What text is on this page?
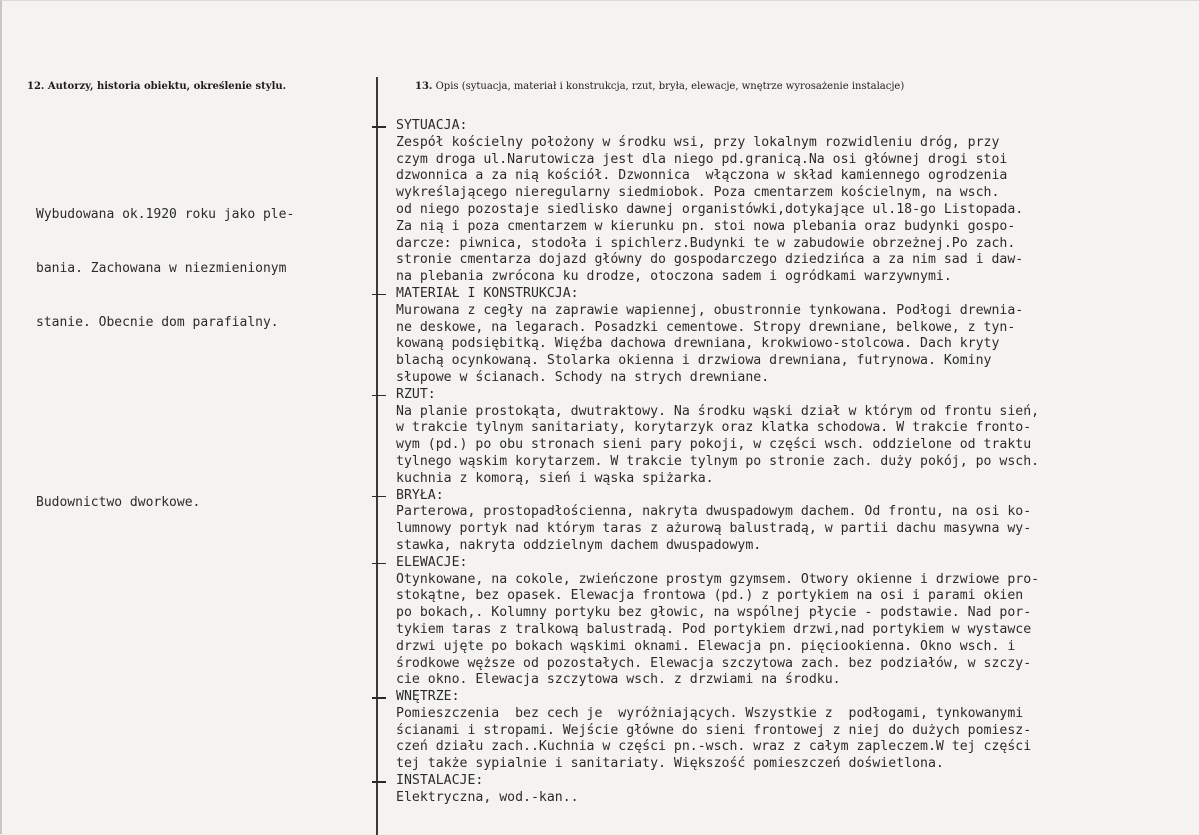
12. Autorzy, historia obiektu, określenie stylu.	13. Opis (sytuacja, materiał i konstrukcja, rzut, bryła, elewacje, wnętrze wyrosażenie instalacje)

Wybudowana ok.1920 roku jako ple-

bania. Zachowana w niezmienionym

stanie. Obecnie dom parafialny.

Budownictwo dworkowe.

SYTUACJA:
Zespół kościelny położony w środku wsi, przy lokalnym rozwidleniu dróg, przy
czym droga ul.Narutowicza jest dla niego pd.granicą.Na osi głównej drogi stoi
dzwonnica a za nią kościół. Dzwonnica  włączona w skład kamiennego ogrodzenia
wykreślającego nieregularny siedmiobok. Poza cmentarzem kościelnym, na wsch.
od niego pozostaje siedlisko dawnej organistówki,dotykające ul.18-go Listopada.
Za nią i poza cmentarzem w kierunku pn. stoi nowa plebania oraz budynki gospo-
darcze: piwnica, stodoła i spichlerz.Budynki te w zabudowie obrzeżnej.Po zach.
stronie cmentarza dojazd główny do gospodarczego dziedzińca a za nim sad i daw-
na plebania zwrócona ku drodze, otoczona sadem i ogródkami warzywnymi.
MATERIAŁ I KONSTRUKCJA:
Murowana z cegły na zaprawie wapiennej, obustronnie tynkowana. Podłogi drewnia-
ne deskowe, na legarach. Posadzki cementowe. Stropy drewniane, belkowe, z tyn-
kowaną podsiębitką. Więźba dachowa drewniana, krokwiowo-stolcowa. Dach kryty
blachą ocynkowaną. Stolarka okienna i drzwiowa drewniana, futrynowa. Kominy
słupowe w ścianach. Schody na strych drewniane.
RZUT:
Na planie prostokąta, dwutraktowy. Na środku wąski dział w którym od frontu sień,
w trakcie tylnym sanitariaty, korytarzyk oraz klatka schodowa. W trakcie fronto-
wym (pd.) po obu stronach sieni pary pokoji, w części wsch. oddzielone od traktu
tylnego wąskim korytarzem. W trakcie tylnym po stronie zach. duży pokój, po wsch.
kuchnia z komorą, sień i wąska spiżarka.
BRYŁA:
Parterowa, prostopadłościenna, nakryta dwuspadowym dachem. Od frontu, na osi ko-
lumnowy portyk nad którym taras z ażurową balustradą, w partii dachu masywna wy-
stawka, nakryta oddzielnym dachem dwuspadowym.
ELEWACJE:
Otynkowane, na cokole, zwieńczone prostym gzymsem. Otwory okienne i drzwiowe pro-
stokątne, bez opasek. Elewacja frontowa (pd.) z portykiem na osi i parami okien
po bokach,. Kolumny portyku bez głowic, na wspólnej płycie - podstawie. Nad por-
tykiem taras z tralkową balustradą. Pod portykiem drzwi,nad portykiem w wystawce
drzwi ujęte po bokach wąskimi oknami. Elewacja pn. pięciookienna. Okno wsch. i
środkowe węższe od pozostałych. Elewacja szczytowa zach. bez podziałów, w szczy-
cie okno. Elewacja szczytowa wsch. z drzwiami na środku.
WNĘTRZE:
Pomieszczenia  bez cech je  wyróżniających. Wszystkie z  podłogami, tynkowanymi
ścianami i stropami. Wejście główne do sieni frontowej z niej do dużych pomiesz-
czeń działu zach..Kuchnia w części pn.-wsch. wraz z całym zapleczem.W tej części
tej także sypialnie i sanitariaty. Większość pomieszczeń doświetlona.
INSTALACJE:
Elektryczna, wod.-kan..
